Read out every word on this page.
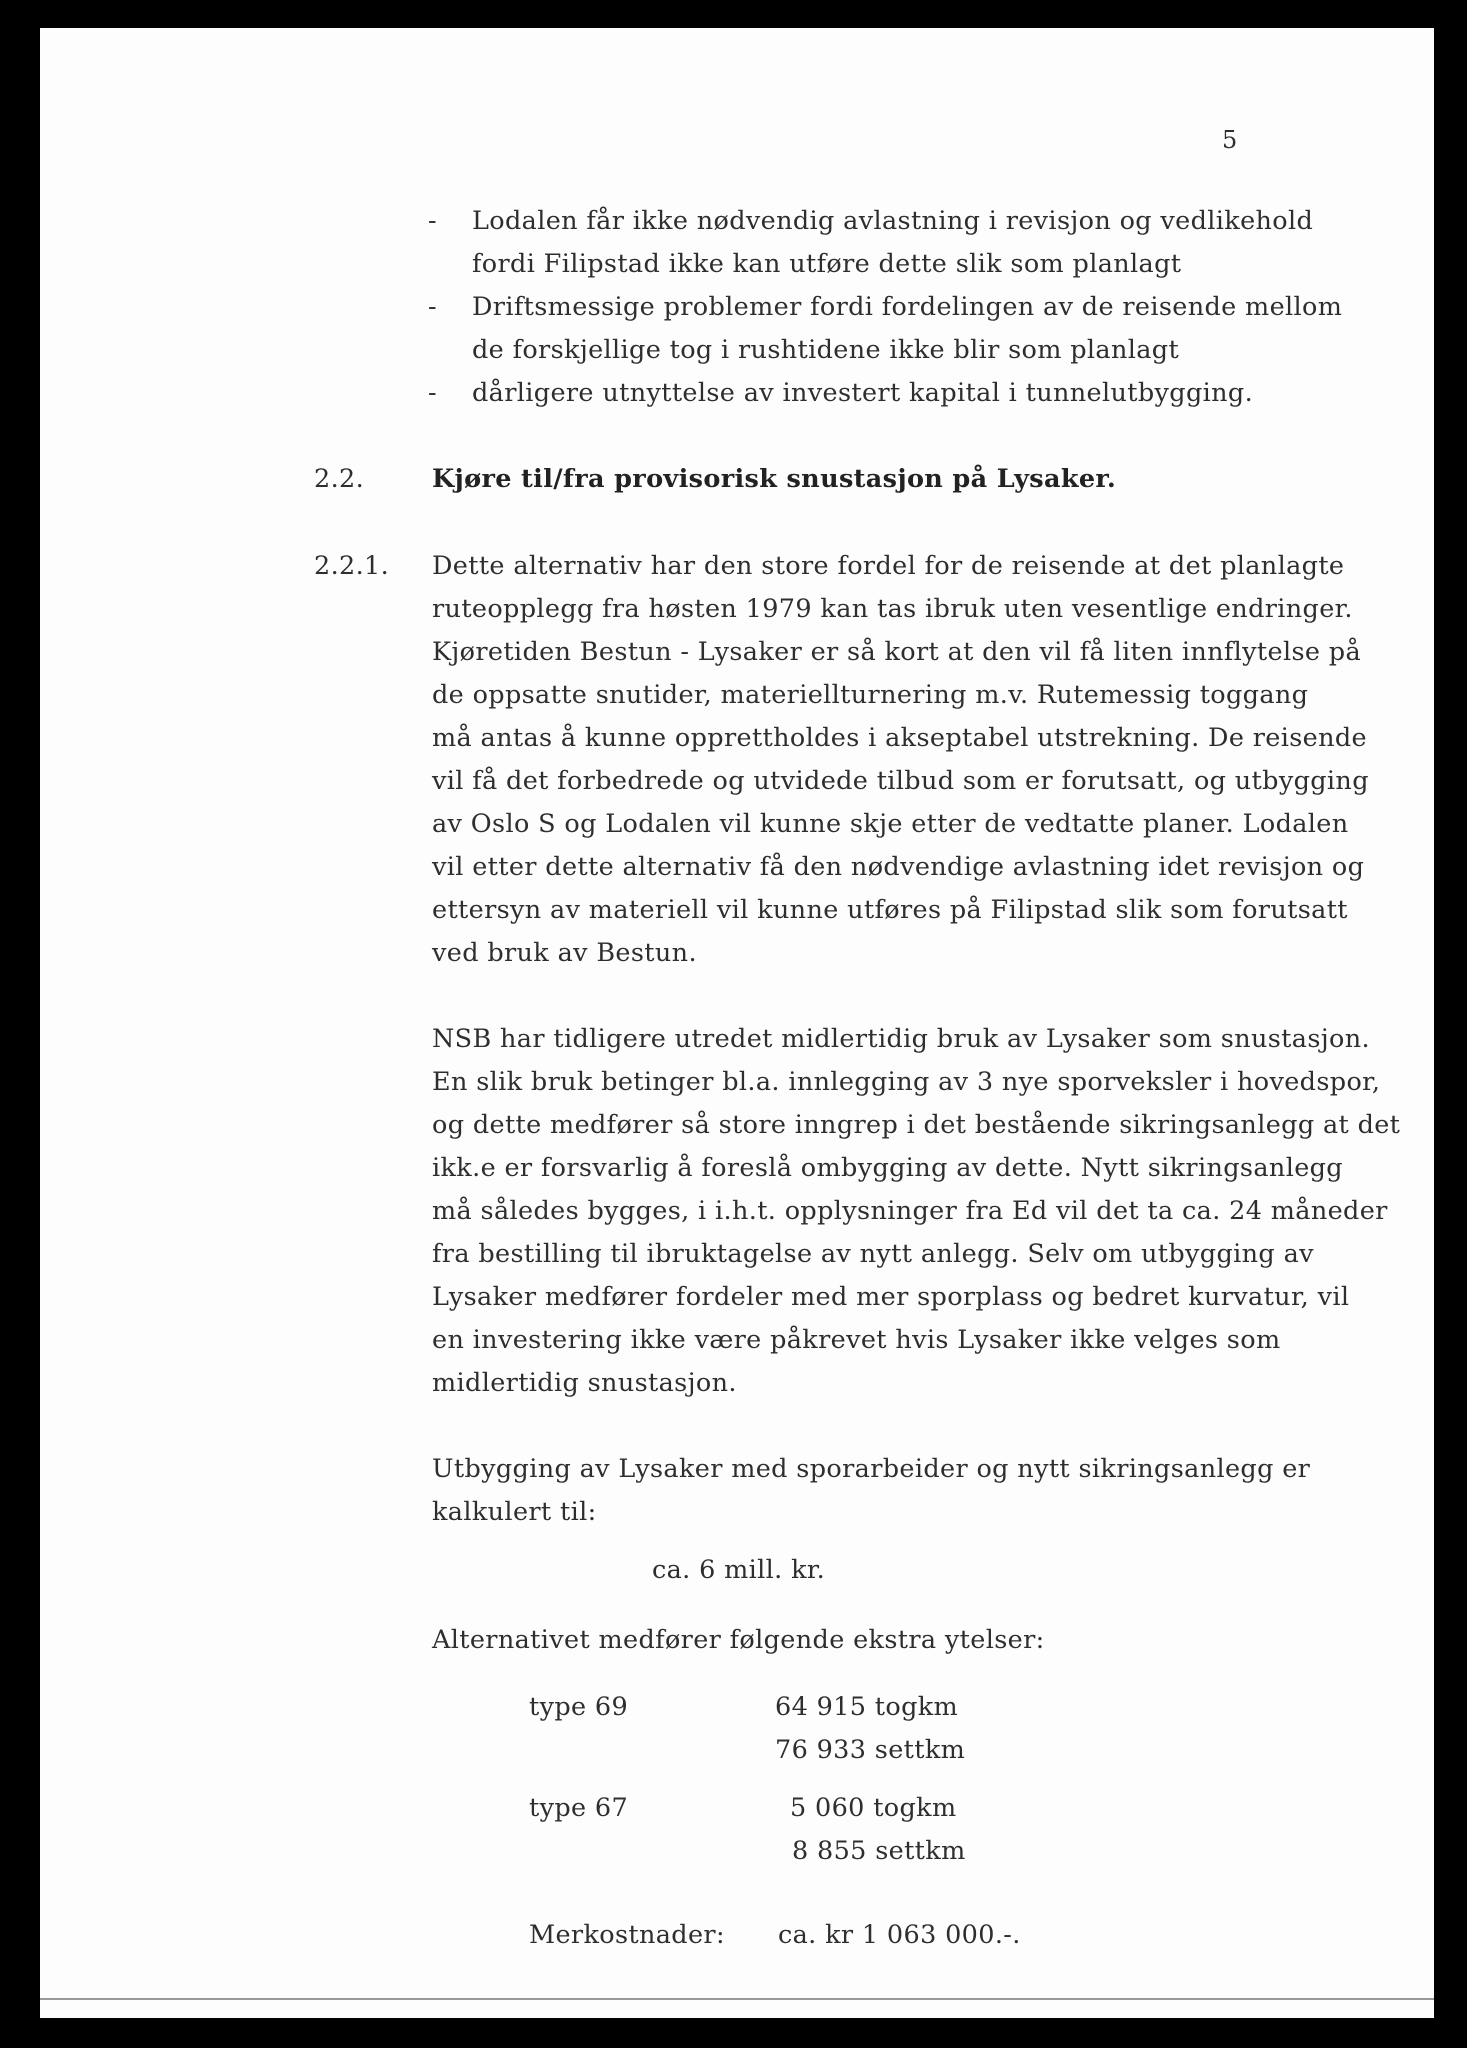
5
- Lodalen får ikke nødvendig avlastning i revisjon og vedlikehold
fordi Filipstad ikke kan utføre dette slik som planlagt
- Driftsmessige problemer fordi fordelingen av de reisende mellom
de forskjellige tog i rushtidene ikke blir som planlagt
- dårligere utnyttelse av investert kapital i tunnelutbygging.
2.2.	Kjøre til/fra provisorisk snustasjon på Lysaker.
2.2.1. Dette alternativ har den store fordel for de reisende at det planlagte
ruteopplegg fra høsten 1979 kan tas ibruk uten vesentlige endringer.
Kjøretiden Bestun - Lysaker er så kort at den vil få liten innflytelse på
de oppsatte snutider, materiellturnering m.v. Rutemessig toggang
må antas å kunne opprettholdes i akseptabel utstrekning. De reisende
vil få det forbedrede og utvidede tilbud som er forutsatt, og utbygging
av Oslo S og Lodalen vil kunne skje etter de vedtatte planer. Lodalen
vil etter dette alternativ få den nødvendige avlastning idet revisjon og
ettersyn av materiell vil kunne utføres på Filipstad slik som forutsatt
ved bruk av Bestun.
NSB har tidligere utredet midlertidig bruk av Lysaker som snustasjon.
En slik bruk betinger bl.a. innlegging av 3 nye sporveksler i hovedspor,
og dette medfører så store inngrep i det bestående sikringsanlegg at det
ikk.e er forsvarlig å foreslå ombygging av dette. Nytt sikringsanlegg
må således bygges, i i.h.t. opplysninger fra Ed vil det ta ca. 24 måneder
fra bestilling til ibruktagelse av nytt anlegg. Selv om utbygging av
Lysaker medfører fordeler med mer sporplass og bedret kurvatur, vil
en investering ikke være påkrevet hvis Lysaker ikke velges som
midlertidig snustasjon.
Utbygging av Lysaker med sporarbeider og nytt sikringsanlegg er
kalkulert til:
ca. 6 mill. kr.
Alternativet medfører følgende ekstra ytelser:
type 69	64 915 togkm
76 933 settkm
type 67	5 060 togkm
8 855 settkm
Merkostnader: ca. kr 1 063 000.-.
